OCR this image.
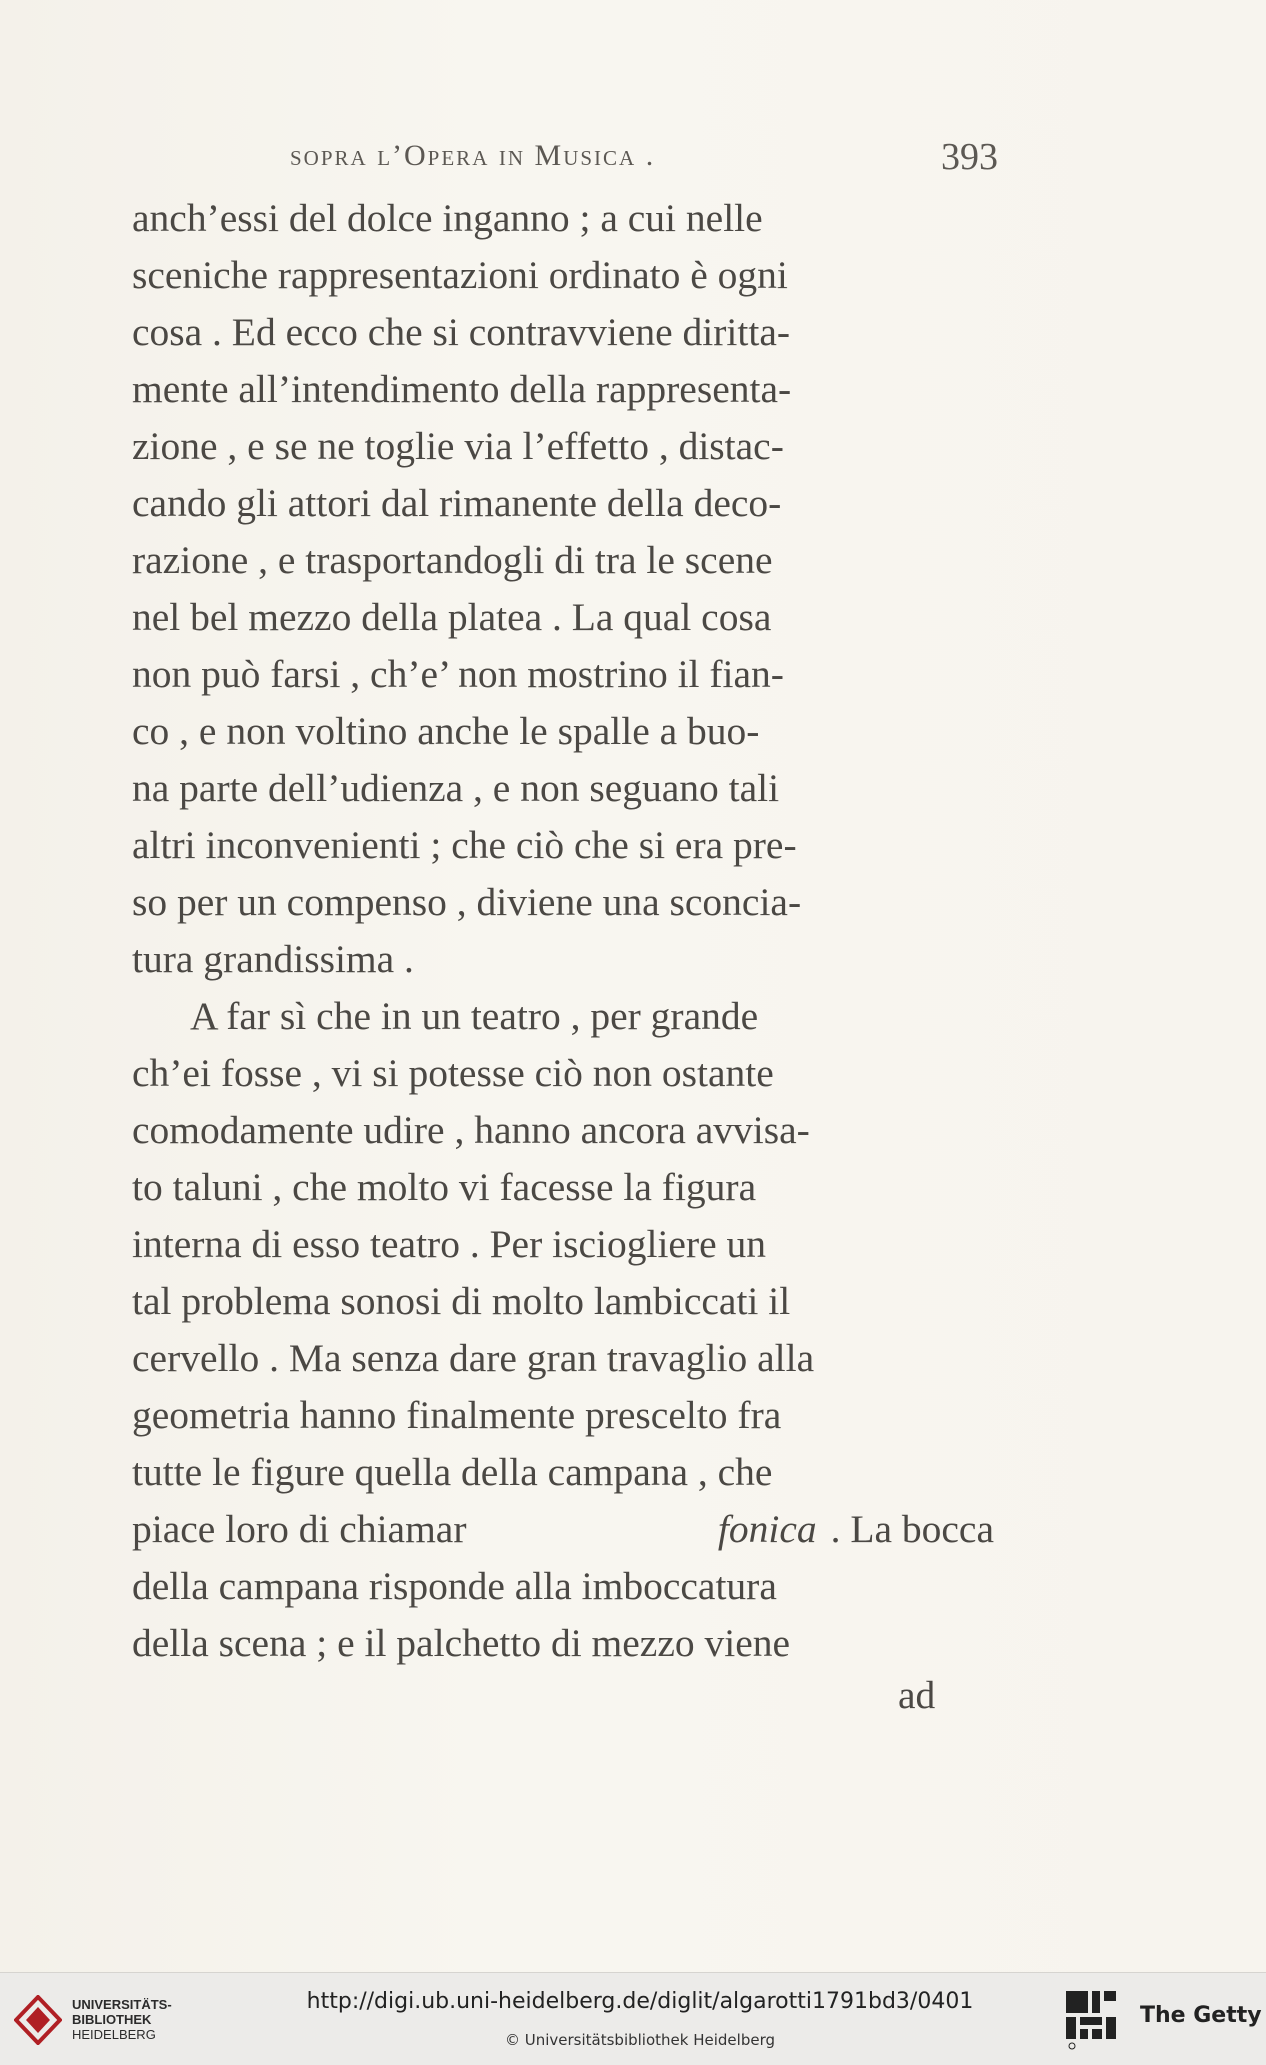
sopra l’Opera in Musica .	393
anch’essi del dolce inganno ; a cui nelle
sceniche rappresentazioni ordinato è ogni
cosa . Ed ecco che si contravviene diritta-
mente all’intendimento della rappresenta-
zione , e se ne toglie via l’effetto , distac-
cando gli attori dal rimanente della deco-
razione , e trasportandogli di tra le scene
nel bel mezzo della platea . La qual cosa
non può farsi , ch’e’ non mostrino il fian-
co , e non voltino anche le spalle a buo-
na parte dell’udienza , e non seguano tali
altri inconvenienti ; che ciò che si era pre-
so per un compenso , diviene una sconcia-
tura grandissima .
A far sì che in un teatro , per grande
ch’ei fosse , vi si potesse ciò non ostante
comodamente udire , hanno ancora avvisa-
to taluni , che molto vi facesse la figura
interna di esso teatro . Per isciogliere un
tal problema sonosi di molto lambiccati il
cervello . Ma senza dare gran travaglio alla
geometria hanno finalmente prescelto fra
tutte le figure quella della campana , che
piace loro di chiamar	fonica . La bocca
della campana risponde alla imboccatura
della scena ; e il palchetto di mezzo viene
ad
UNIVERSITÄTS-
BIBLIOTHEK
HEIDELBERG
http://digi.ub.uni-heidelberg.de/diglit/algarotti1791bd3/0401
© Universitätsbibliothek Heidelberg
The Getty
